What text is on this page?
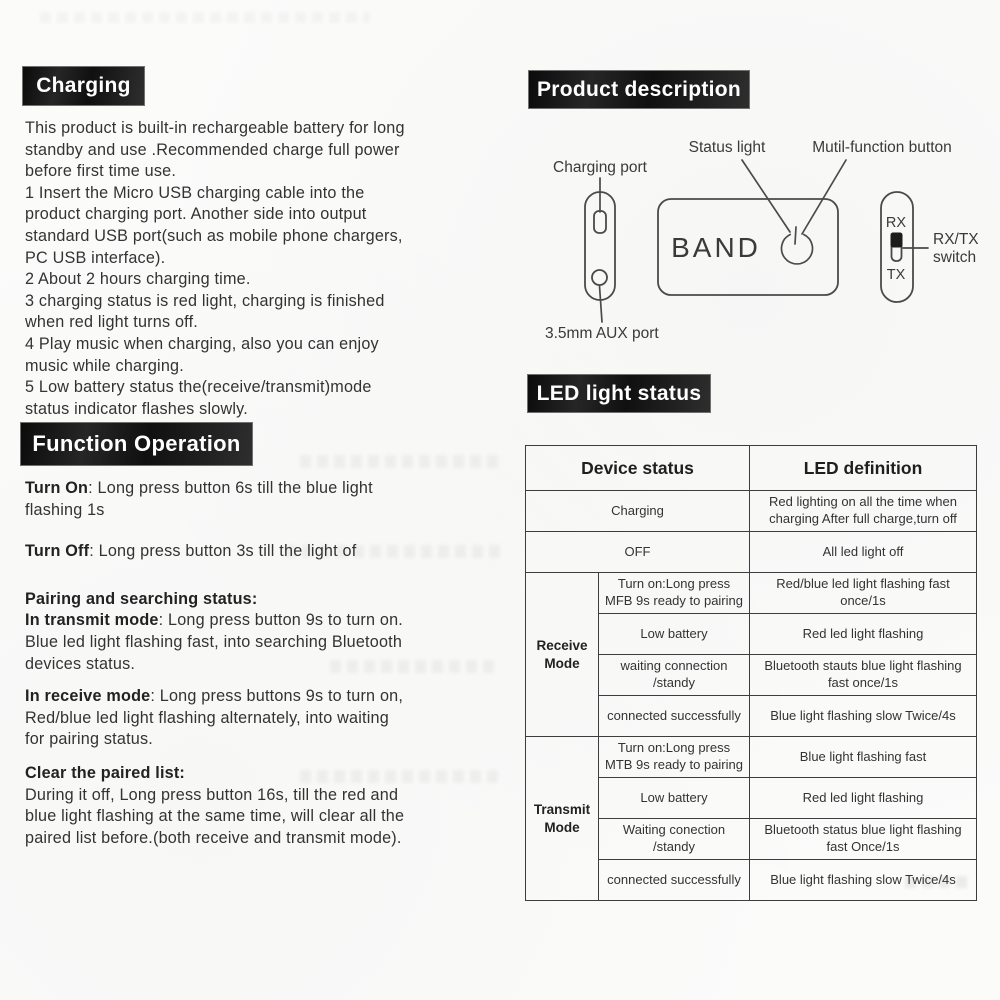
Charging
This product is built-in rechargeable battery for long
standby and use .Recommended charge full power
before first time use.
1 Insert the Micro USB charging cable into the
product charging port. Another side into output
standard USB port(such as mobile phone chargers,
PC USB interface).
2 About 2 hours charging time.
3 charging status is red light, charging is finished
when red light turns off.
4 Play music when charging, also you can enjoy
music while charging.
5 Low battery status the(receive/transmit)mode
status indicator flashes slowly.
Function Operation
Turn On: Long press button 6s till the blue light
flashing 1s
Turn Off: Long press button 3s till the light of
Pairing and searching status:
In transmit mode: Long press button 9s to turn on.
Blue led light flashing fast, into searching Bluetooth
devices status.
In receive mode: Long press buttons 9s to turn on,
Red/blue led light flashing alternately, into waiting
for pairing status.
Clear the paired list:
During it off, Long press button 16s, till the red and
blue light flashing at the same time, will clear all the
paired list before.(both receive and transmit mode).
Product description
Status light	Mutil-function button
Charging port
3.5mm AUX port
RX/TX
switch
BAND
RX
TX
LED light status
Device status		LED definition
Charging		Red lighting on all the time when charging After full charge,turn off
OFF		All led light off
Receive Mode	Turn on:Long press MFB 9s ready to pairing	Red/blue led light flashing fast once/1s
	Low battery	Red led light flashing
	waiting connection /standy	Bluetooth stauts blue light flashing fast once/1s
	connected successfully	Blue light flashing slow Twice/4s
Transmit Mode	Turn on:Long press MTB 9s ready to pairing	Blue light flashing fast
	Low battery	Red led light flashing
	Waiting conection /standy	Bluetooth status blue light flashing fast Once/1s
	connected successfully	Blue light flashing slow Twice/4s
